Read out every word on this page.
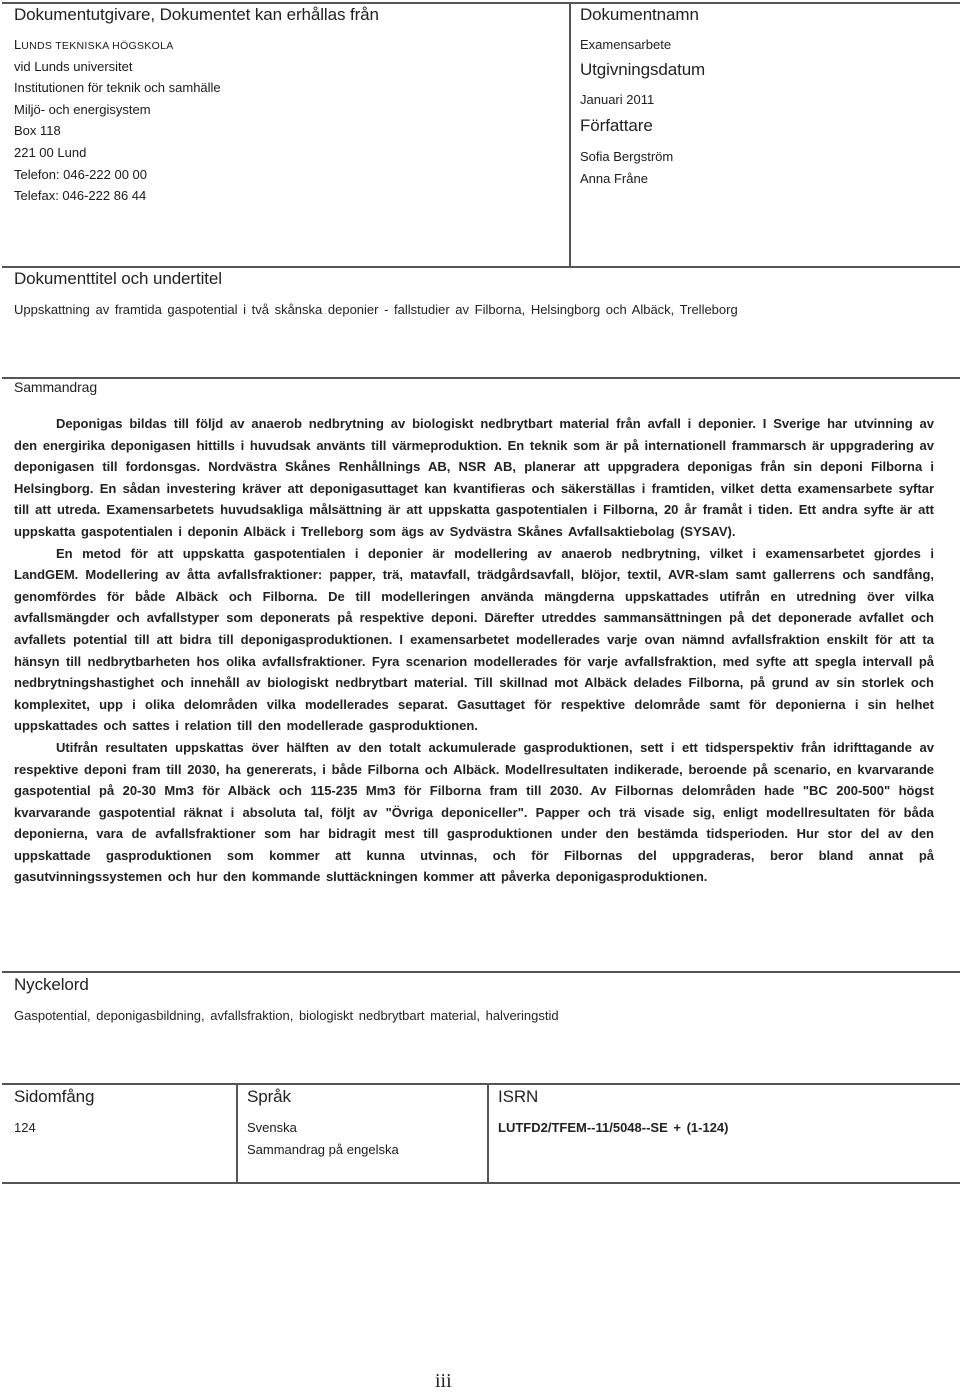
Dokumentutgivare, Dokumentet kan erhållas från
LUNDS TEKNISKA HÖGSKOLA
vid Lunds universitet
Institutionen för teknik och samhälle
Miljö- och energisystem
Box 118
221 00 Lund
Telefon: 046-222 00 00
Telefax: 046-222 86 44
Dokumentnamn
Examensarbete
Utgivningsdatum
Januari 2011
Författare
Sofia Bergström
Anna Fråne
Dokumenttitel och undertitel
Uppskattning av framtida gaspotential i två skånska deponier - fallstudier av Filborna, Helsingborg och Albäck, Trelleborg
Sammandrag

Deponigas bildas till följd av anaerob nedbrytning av biologiskt nedbrytbart material från avfall i deponier. I Sverige har utvinning av den energirika deponigasen hittills i huvudsak använts till värmeproduktion. En teknik som är på internationell frammarsch är uppgradering av deponigasen till fordonsgas. Nordvästra Skånes Renhållnings AB, NSR AB, planerar att uppgradera deponigas från sin deponi Filborna i Helsingborg. En sådan investering kräver att deponigasuttaget kan kvantifieras och säkerställas i framtiden, vilket detta examensarbete syftar till att utreda. Examensarbetets huvudsakliga målsättning är att uppskatta gaspotentialen i Filborna, 20 år framåt i tiden. Ett andra syfte är att uppskatta gaspotentialen i deponin Albäck i Trelleborg som ägs av Sydvästra Skånes Avfallsaktiebolag (SYSAV).

En metod för att uppskatta gaspotentialen i deponier är modellering av anaerob nedbrytning, vilket i examensarbetet gjordes i LandGEM. Modellering av åtta avfallsfraktioner: papper, trä, matavfall, trädgårdsavfall, blöjor, textil, AVR-slam samt gallerrens och sandfång, genomfördes för både Albäck och Filborna. De till modelleringen använda mängderna uppskattades utifrån en utredning över vilka avfallsmängder och avfallstyper som deponerats på respektive deponi. Därefter utreddes sammansättningen på det deponerade avfallet och avfallets potential till att bidra till deponigasproduktionen. I examensarbetet modellerades varje ovan nämnd avfallsfraktion enskilt för att ta hänsyn till nedbrytbarheten hos olika avfallsfraktioner. Fyra scenarion modellerades för varje avfallsfraktion, med syfte att spegla intervall på nedbrytningshastighet och innehåll av biologiskt nedbrytbart material. Till skillnad mot Albäck delades Filborna, på grund av sin storlek och komplexitet, upp i olika delområden vilka modellerades separat. Gasuttaget för respektive delområde samt för deponierna i sin helhet uppskattades och sattes i relation till den modellerade gasproduktionen.

Utifrån resultaten uppskattas över hälften av den totalt ackumulerade gasproduktionen, sett i ett tidsperspektiv från idrifttagande av respektive deponi fram till 2030, ha genererats, i både Filborna och Albäck. Modellresultaten indikerade, beroende på scenario, en kvarvarande gaspotential på 20-30 Mm3 för Albäck och 115-235 Mm3 för Filborna fram till 2030. Av Filbornas delområden hade "BC 200-500" högst kvarvarande gaspotential räknat i absoluta tal, följt av "Övriga deponiceller". Papper och trä visade sig, enligt modellresultaten för båda deponierna, vara de avfallsfraktioner som har bidragit mest till gasproduktionen under den bestämda tidsperioden. Hur stor del av den uppskattade gasproduktionen som kommer att kunna utvinnas, och för Filbornas del uppgraderas, beror bland annat på gasutvinningssystemen och hur den kommande sluttäckningen kommer att påverka deponigasproduktionen.

Nyckelord
Gaspotential, deponigasbildning, avfallsfraktion, biologiskt nedbrytbart material, halveringstid
Sidomfång
124
Språk
Svenska
Sammandrag på engelska
ISRN
LUTFD2/TFEM--11/5048--SE + (1-124)
iii
